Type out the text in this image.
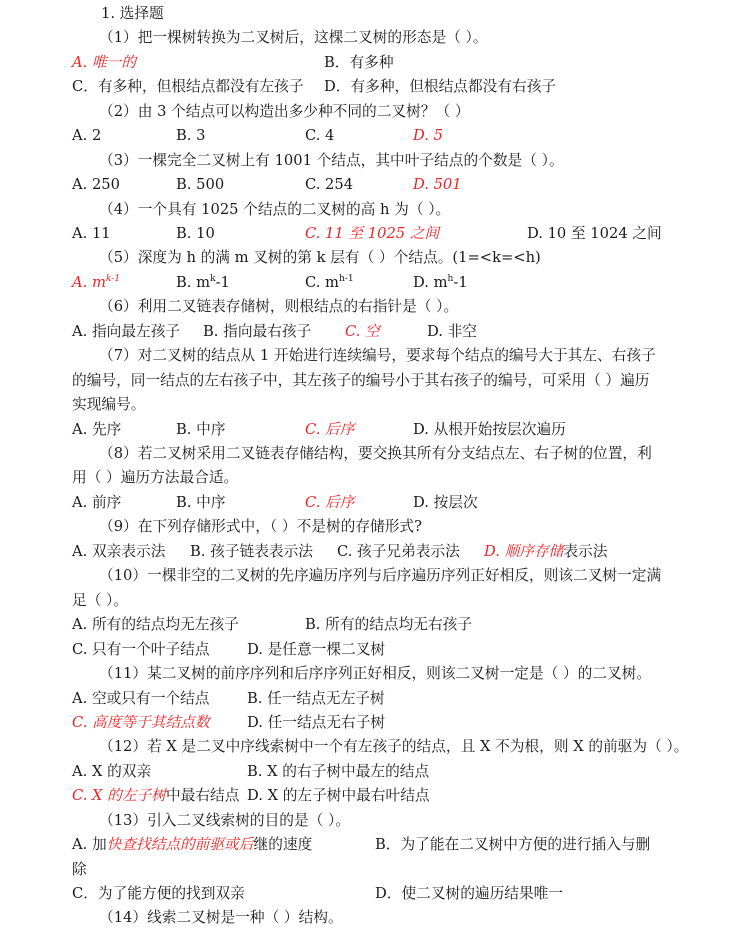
1. 选择题
（1）把一棵树转换为二叉树后，这棵二叉树的形态是（ ）。
A. 唯一的	B．有多种
C．有多种，但根结点都没有左孩子 D．有多种，但根结点都没有右孩子
（2）由 3 个结点可以构造出多少种不同的二叉树？（ ）
A. 2	B. 3	C. 4	D. 5
（3）一棵完全二叉树上有 1001 个结点，其中叶子结点的个数是（ ）。
A. 250	B. 500	C. 254	D. 501
（4）一个具有 1025 个结点的二叉树的高 h 为（ ）。
A. 11	B. 10	C. 11 至 1025 之间	D. 10 至 1024 之间
（5）深度为 h 的满 m 叉树的第 k 层有（ ）个结点。(1=<k=<h)
A. $m^{k-1}$	B. $m^k-1$	C. $m^{h-1}$	D. $m^h-1$
（6）利用二叉链表存储树，则根结点的右指针是（ ）。
A. 指向最左孩子 B. 指向最右孩子 C. 空	D. 非空
（7）对二叉树的结点从 1 开始进行连续编号，要求每个结点的编号大于其左、右孩子
的编号，同一结点的左右孩子中，其左孩子的编号小于其右孩子的编号，可采用（ ）遍历
实现编号。
A. 先序	B. 中序	C. 后序	D. 从根开始按层次遍历
（8）若二叉树采用二叉链表存储结构，要交换其所有分支结点左、右子树的位置，利
用（ ）遍历方法最合适。
A. 前序	B. 中序	C. 后序	D. 按层次
（9）在下列存储形式中，（ ）不是树的存储形式?
A. 双亲表示法 B. 孩子链表表示法 C. 孩子兄弟表示法 D. 顺序存储表示法
（10）一棵非空的二叉树的先序遍历序列与后序遍历序列正好相反，则该二叉树一定满
足（ ）。
A. 所有的结点均无左孩子	B. 所有的结点均无右孩子
C. 只有一个叶子结点	D. 是任意一棵二叉树
（11）某二叉树的前序序列和后序序列正好相反，则该二叉树一定是（ ）的二叉树。
A. 空或只有一个结点	B. 任一结点无左子树
C. 高度等于其结点数	D. 任一结点无右子树
（12）若 X 是二叉中序线索树中一个有左孩子的结点，且 X 不为根，则 X 的前驱为（ ）。
A. X 的双亲	B. X 的右子树中最左的结点
C. X 的左子树中最右结点 D. X 的左子树中最右叶结点
（13）引入二叉线索树的目的是（ ）。
A. 加快查找结点的前驱或后继的速度	B．为了能在二叉树中方便的进行插入与删
除
C．为了能方便的找到双亲	D．使二叉树的遍历结果唯一
（14）线索二叉树是一种（ ）结构。
